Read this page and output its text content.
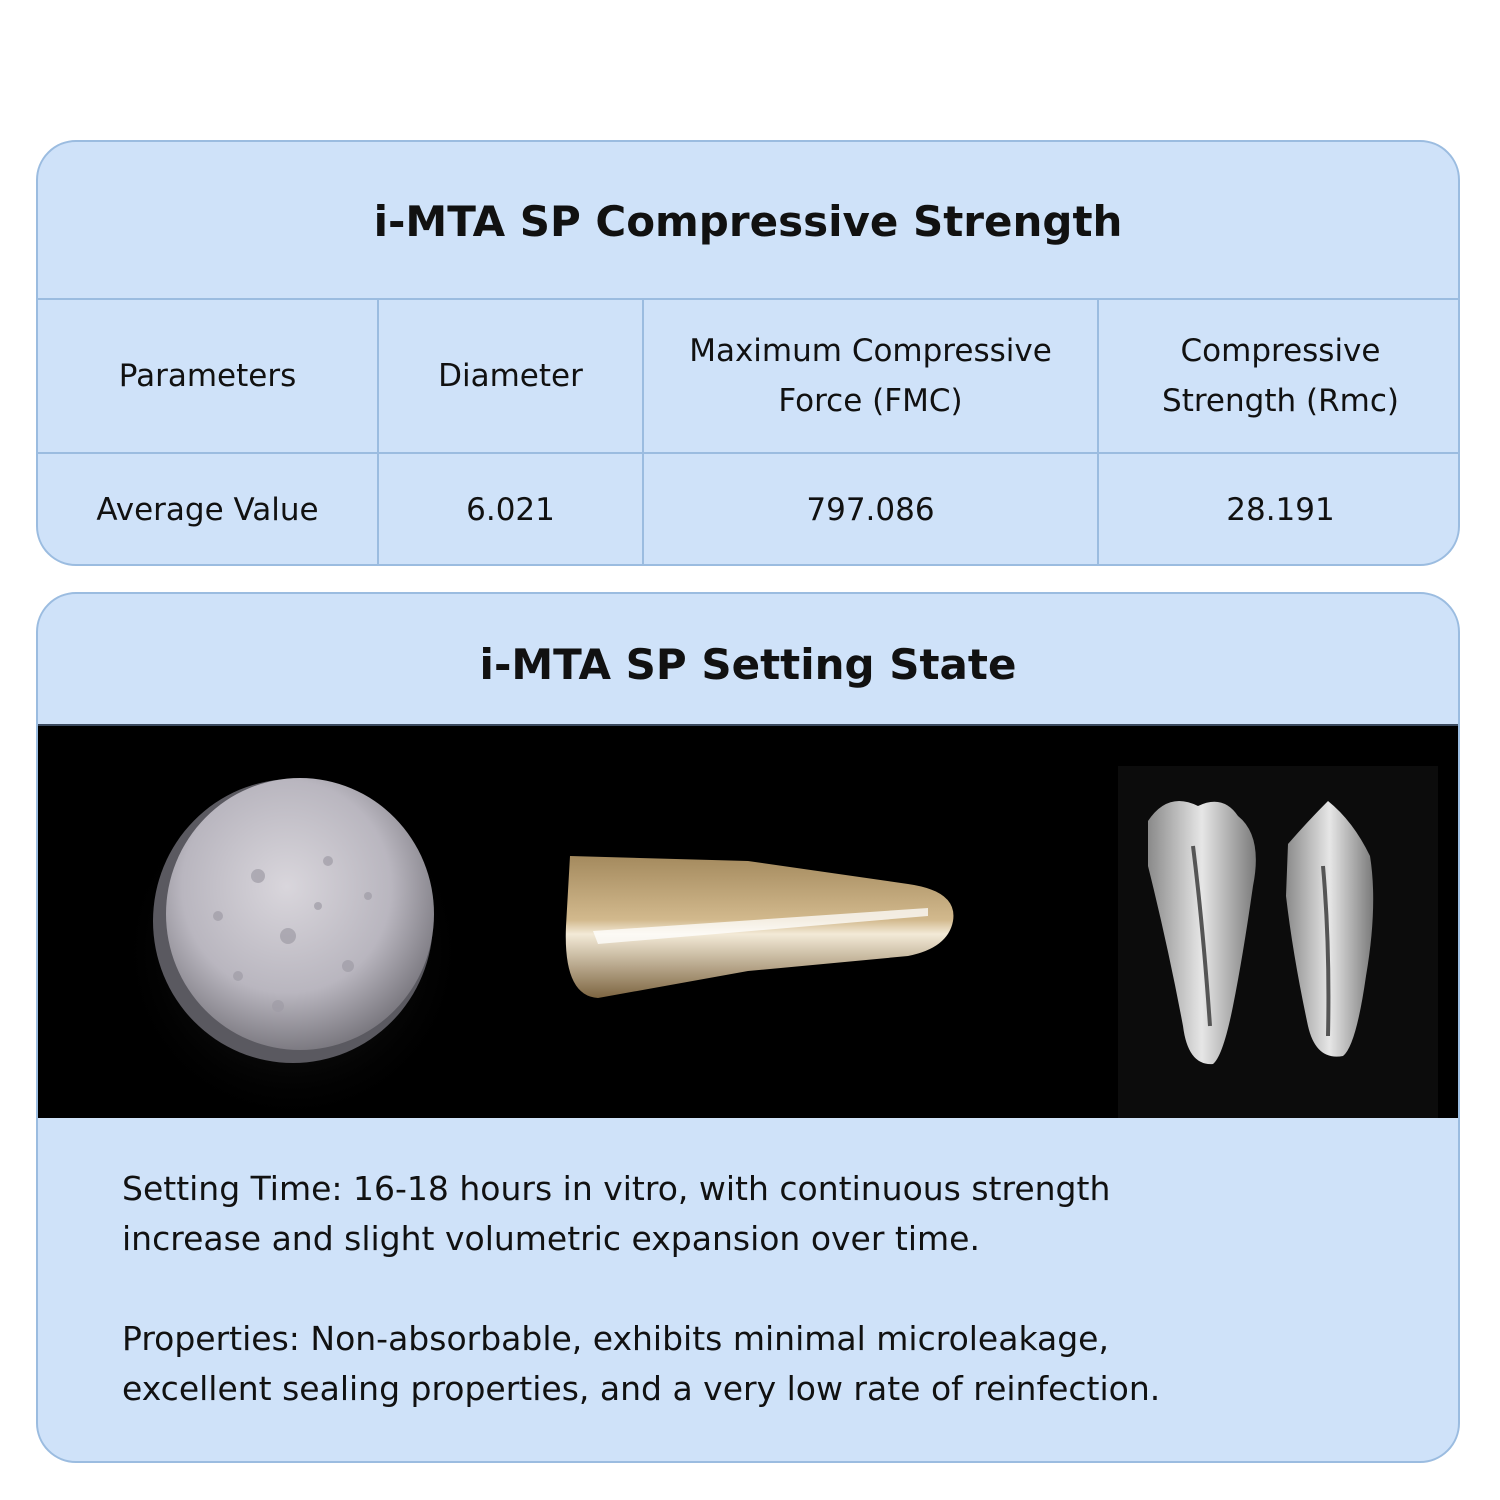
i-MTA SP Compressive Strength
Parameters	Diameter	Maximum Compressive Force (FMC)	Compressive Strength (Rmc)
Average Value	6.021	797.086	28.191
i-MTA SP Setting State

Setting Time: 16-18 hours in vitro, with continuous strength increase and slight volumetric expansion over time.

Properties: Non-absorbable, exhibits minimal microleakage, excellent sealing properties, and a very low rate of reinfection.
